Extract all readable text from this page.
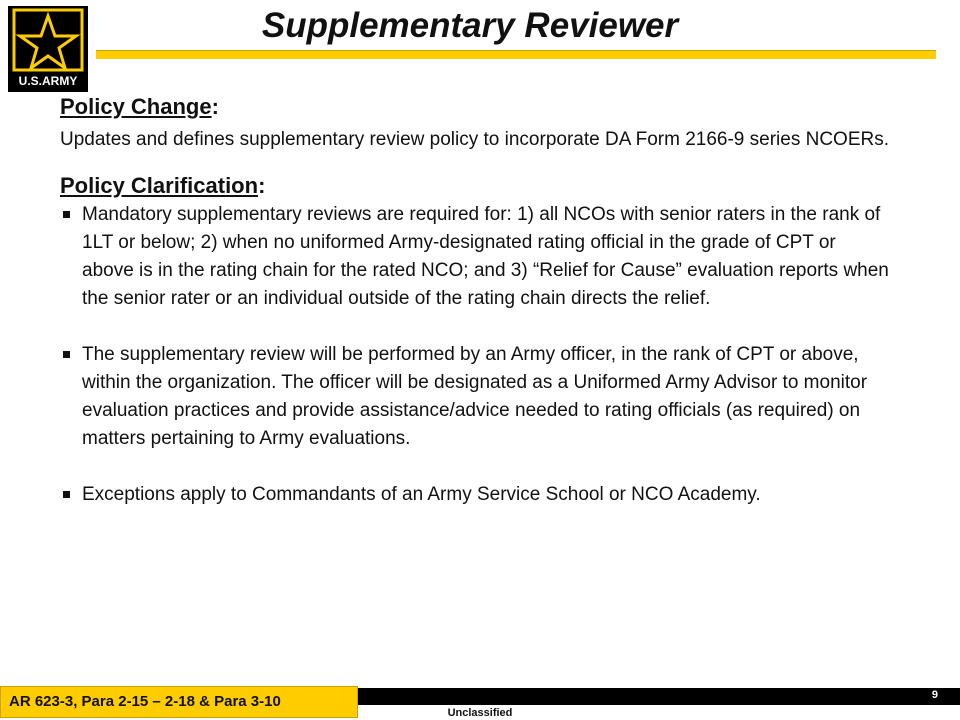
U.S.ARMY
Supplementary Reviewer

Policy Change:

Updates and defines supplementary review policy to incorporate DA Form 2166-9 series NCOERs.

Policy Clarification:

Mandatory supplementary reviews are required for: 1) all NCOs with senior raters in the rank of 1LT or below; 2) when no uniformed Army-designated rating official in the grade of CPT or above is in the rating chain for the rated NCO; and 3) “Relief for Cause” evaluation reports when the senior rater or an individual outside of the rating chain directs the relief.
The supplementary review will be performed by an Army officer, in the rank of CPT or above, within the organization. The officer will be designated as a Uniformed Army Advisor to monitor evaluation practices and provide assistance/advice needed to rating officials (as required) on matters pertaining to Army evaluations.
Exceptions apply to Commandants of an Army Service School or NCO Academy.
AR 623-3, Para 2-15 – 2-18 & Para 3-10	9
Unclassified
